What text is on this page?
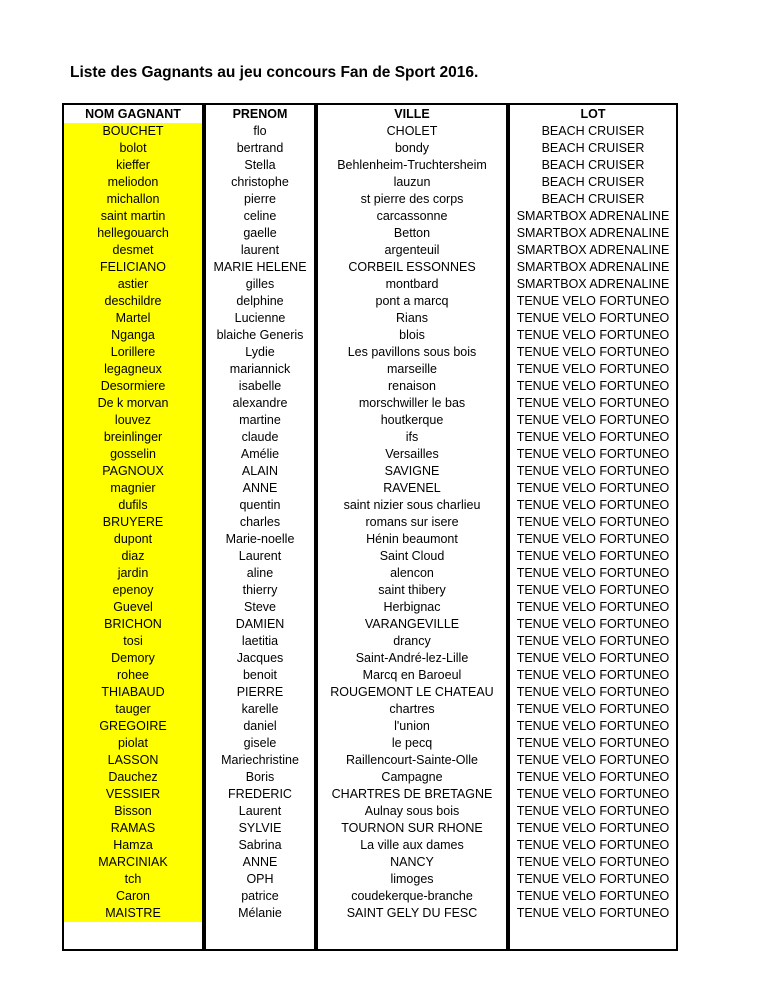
Liste des Gagnants au jeu concours Fan de Sport 2016.
NOM GAGNANT
BOUCHET
bolot
kieffer
meliodon
michallon
saint martin
hellegouarch
desmet
FELICIANO
astier
deschildre
Martel
Nganga
Lorillere
legagneux
Desormiere
De k morvan
louvez
breinlinger
gosselin
PAGNOUX
magnier
dufils
BRUYERE
dupont
diaz
jardin
epenoy
Guevel
BRICHON
tosi
Demory
rohee
THIABAUD
tauger
GREGOIRE
piolat
LASSON
Dauchez
VESSIER
Bisson
RAMAS
Hamza
MARCINIAK
tch
Caron
MAISTRE
PRENOM
flo
bertrand
Stella
christophe
pierre
celine
gaelle
laurent
MARIE HELENE
gilles
delphine
Lucienne
blaiche Generis
Lydie
mariannick
isabelle
alexandre
martine
claude
Amélie
ALAIN
ANNE
quentin
charles
Marie-noelle
Laurent
aline
thierry
Steve
DAMIEN
laetitia
Jacques
benoit
PIERRE
karelle
daniel
gisele
Mariechristine
Boris
FREDERIC
Laurent
SYLVIE
Sabrina
ANNE
OPH
patrice
Mélanie
VILLE
CHOLET
bondy
Behlenheim-Truchtersheim
lauzun
st pierre des corps
carcassonne
Betton
argenteuil
CORBEIL ESSONNES
montbard
pont a marcq
Rians
blois
Les pavillons sous bois
marseille
renaison
morschwiller le bas
houtkerque
ifs
Versailles
SAVIGNE
RAVENEL
saint nizier sous charlieu
romans sur isere
Hénin beaumont
Saint Cloud
alencon
saint thibery
Herbignac
VARANGEVILLE
drancy
Saint-André-lez-Lille
Marcq en Baroeul
ROUGEMONT LE CHATEAU
chartres
l'union
le pecq
Raillencourt-Sainte-Olle
Campagne
CHARTRES DE BRETAGNE
Aulnay sous bois
TOURNON SUR RHONE
La ville aux dames
NANCY
limoges
coudekerque-branche
SAINT GELY DU FESC
LOT
BEACH CRUISER
BEACH CRUISER
BEACH CRUISER
BEACH CRUISER
BEACH CRUISER
SMARTBOX ADRENALINE
SMARTBOX ADRENALINE
SMARTBOX ADRENALINE
SMARTBOX ADRENALINE
SMARTBOX ADRENALINE
TENUE VELO FORTUNEO
TENUE VELO FORTUNEO
TENUE VELO FORTUNEO
TENUE VELO FORTUNEO
TENUE VELO FORTUNEO
TENUE VELO FORTUNEO
TENUE VELO FORTUNEO
TENUE VELO FORTUNEO
TENUE VELO FORTUNEO
TENUE VELO FORTUNEO
TENUE VELO FORTUNEO
TENUE VELO FORTUNEO
TENUE VELO FORTUNEO
TENUE VELO FORTUNEO
TENUE VELO FORTUNEO
TENUE VELO FORTUNEO
TENUE VELO FORTUNEO
TENUE VELO FORTUNEO
TENUE VELO FORTUNEO
TENUE VELO FORTUNEO
TENUE VELO FORTUNEO
TENUE VELO FORTUNEO
TENUE VELO FORTUNEO
TENUE VELO FORTUNEO
TENUE VELO FORTUNEO
TENUE VELO FORTUNEO
TENUE VELO FORTUNEO
TENUE VELO FORTUNEO
TENUE VELO FORTUNEO
TENUE VELO FORTUNEO
TENUE VELO FORTUNEO
TENUE VELO FORTUNEO
TENUE VELO FORTUNEO
TENUE VELO FORTUNEO
TENUE VELO FORTUNEO
TENUE VELO FORTUNEO
TENUE VELO FORTUNEO
